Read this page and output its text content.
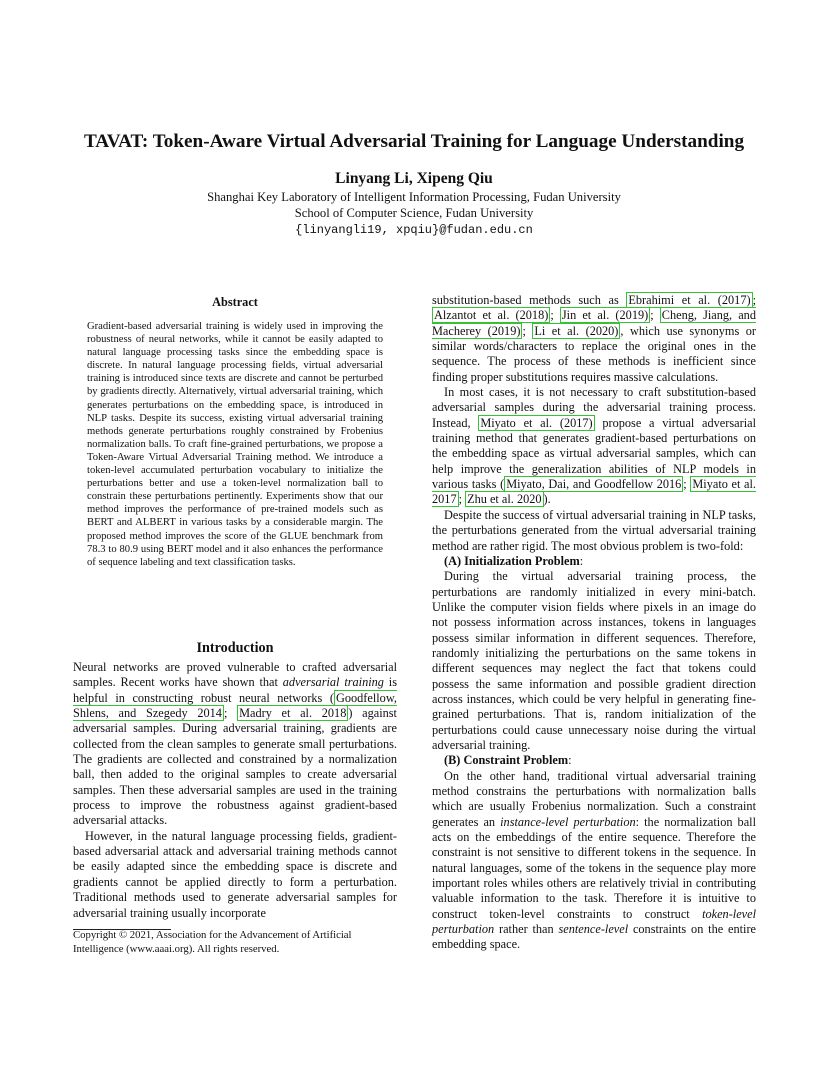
TAVAT: Token-Aware Virtual Adversarial Training for Language Understanding
Linyang Li, Xipeng Qiu
Shanghai Key Laboratory of Intelligent Information Processing, Fudan University
School of Computer Science, Fudan University
{linyangli19, xpqiu}@fudan.edu.cn
Abstract
Gradient-based adversarial training is widely used in improving the robustness of neural networks, while it cannot be easily adapted to natural language processing tasks since the embedding space is discrete. In natural language processing fields, virtual adversarial training is introduced since texts are discrete and cannot be perturbed by gradients directly. Alternatively, virtual adversarial training, which generates perturbations on the embedding space, is introduced in NLP tasks. Despite its success, existing virtual adversarial training methods generate perturbations roughly constrained by Frobenius normalization balls. To craft fine-grained perturbations, we propose a Token-Aware Virtual Adversarial Training method. We introduce a token-level accumulated perturbation vocabulary to initialize the perturbations better and use a token-level normalization ball to constrain these perturbations pertinently. Experiments show that our method improves the performance of pre-trained models such as BERT and ALBERT in various tasks by a considerable margin. The proposed method improves the score of the GLUE benchmark from 78.3 to 80.9 using BERT model and it also enhances the performance of sequence labeling and text classification tasks.
Introduction

Neural networks are proved vulnerable to crafted adversarial samples. Recent works have shown that adversarial training is helpful in constructing robust neural networks ( Goodfellow, Shlens, and Szegedy 2014 ; Madry et al. 2018 ) against adversarial samples. During adversarial training, gradients are collected from the clean samples to generate small perturbations. The gradients are collected and constrained by a normalization ball, then added to the original samples to create adversarial samples. Then these adversarial samples are used in the training process to improve the robustness against gradient-based adversarial attacks.

However, in the natural language processing fields, gradient-based adversarial attack and adversarial training methods cannot be easily adapted since the embedding space is discrete and gradients cannot be applied directly to form a perturbation. Traditional methods used to generate adversarial samples for adversarial training usually incorporate

Copyright © 2021, Association for the Advancement of Artificial Intelligence (www.aaai.org). All rights reserved.

substitution-based methods such as Ebrahimi et al. (2017) ; Alzantot et al. (2018) ; Jin et al. (2019) ; Cheng, Jiang, and Macherey (2019) ; Li et al. (2020) , which use synonyms or similar words/characters to replace the original ones in the sequence. The process of these methods is inefficient since finding proper substitutions requires massive calculations.

In most cases, it is not necessary to craft substitution-based adversarial samples during the adversarial training process. Instead, Miyato et al. (2017) propose a virtual adversarial training method that generates gradient-based perturbations on the embedding space as virtual adversarial samples, which can help improve the generalization abilities of NLP models in various tasks ( Miyato, Dai, and Goodfellow 2016 ; Miyato et al. 2017 ; Zhu et al. 2020 ).

Despite the success of virtual adversarial training in NLP tasks, the perturbations generated from the virtual adversarial training method are rather rigid. The most obvious problem is two-fold:

(A) Initialization Problem:

During the virtual adversarial training process, the perturbations are randomly initialized in every mini-batch. Unlike the computer vision fields where pixels in an image do not possess information across instances, tokens in languages possess similar information in different sequences. Therefore, randomly initializing the perturbations on the same tokens in different sequences may neglect the fact that tokens could possess the same information and possible gradient direction across instances, which could be very helpful in generating fine-grained perturbations. That is, random initialization of the perturbations could cause unnecessary noise during the virtual adversarial training.

(B) Constraint Problem:

On the other hand, traditional virtual adversarial training method constrains the perturbations with normalization balls which are usually Frobenius normalization. Such a constraint generates an instance-level perturbation: the normalization ball acts on the embeddings of the entire sequence. Therefore the constraint is not sensitive to different tokens in the sequence. In natural languages, some of the tokens in the sequence play more important roles whiles others are relatively trivial in contributing valuable information to the task. Therefore it is intuitive to construct token-level constraints to construct token-level perturbation rather than sentence-level constraints on the entire embedding space.
